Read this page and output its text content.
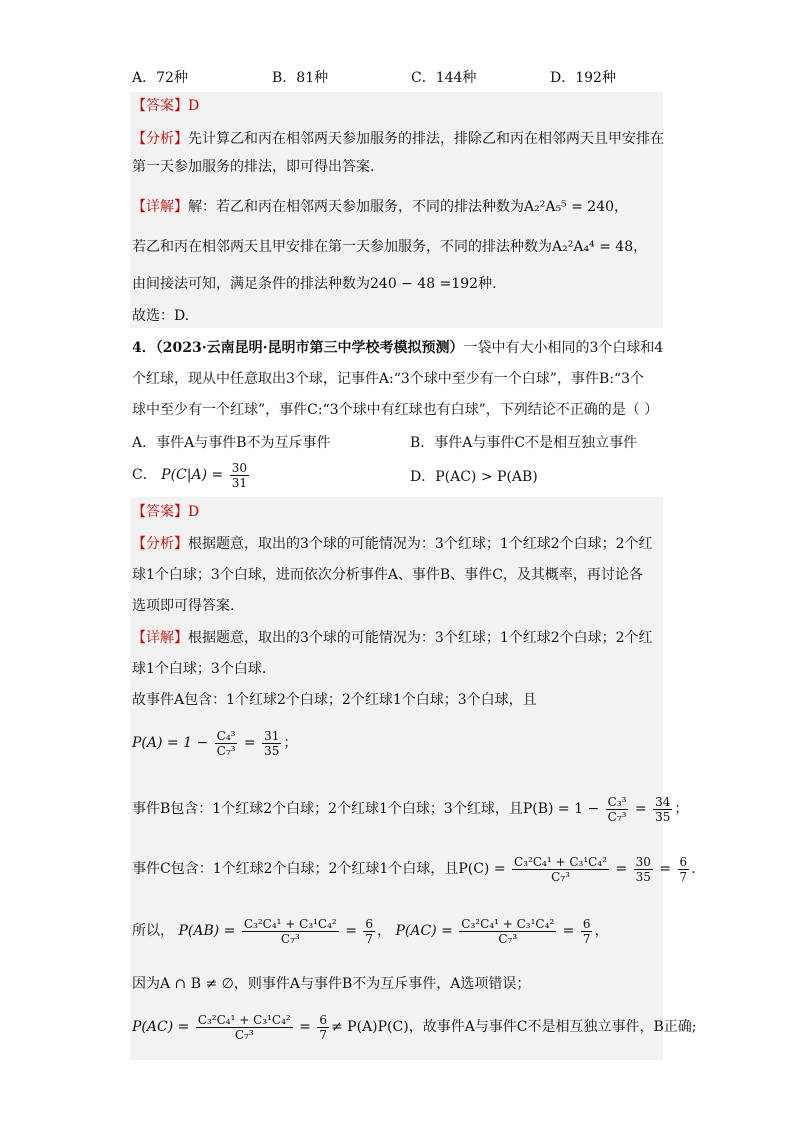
A．72种	B．81种	C．144种	D．192种
【答案】D
【分析】先计算乙和丙在相邻两天参加服务的排法，排除乙和丙在相邻两天且甲安排在
第一天参加服务的排法，即可得出答案.
【详解】解：若乙和丙在相邻两天参加服务，不同的排法种数为A₂²A₅⁵ = 240，
若乙和丙在相邻两天且甲安排在第一天参加服务，不同的排法种数为A₂²A₄⁴ = 48，
由间接法可知，满足条件的排法种数为240 − 48 =192种.
故选：D.
4．（2023·云南昆明·昆明市第三中学校考模拟预测）一袋中有大小相同的3个白球和4
个红球，现从中任意取出3个球，记事件A:“3个球中至少有一个白球”，事件B:“3个
球中至少有一个红球”，事件C:“3个球中有红球也有白球”，下列结论不正确的是（ ）
A．事件A与事件B不为互斥事件	B．事件A与事件C不是相互独立事件
C． $P(C|A) = \frac{30}{31}$	D．P(AC) > P(AB)
【答案】D
【分析】根据题意，取出的3个球的可能情况为：3个红球；1个红球2个白球；2个红
球1个白球；3个白球，进而依次分析事件A、事件B、事件C，及其概率，再讨论各
选项即可得答案.
【详解】根据题意，取出的3个球的可能情况为：3个红球；1个红球2个白球；2个红
球1个白球；3个白球.
故事件A包含：1个红球2个白球；2个红球1个白球；3个白球，且
$P(A) = 1 - \frac{\text{C₄³}}{\text{C₇³}} = \frac{31}{35}$ ；
事件B包含：1个红球2个白球；2个红球1个白球；3个红球，且$P(B) = 1 - \frac{\text{C₃³}}{\text{C₇³}} = \frac{34}{35}$ ；
事件C包含：1个红球2个白球；2个红球1个白球，且$P(C) = \frac{\text{C₃²C₄¹ + C₃¹C₄²}}{\text{C₇³}} = \frac{30}{35} = \frac{6}{7}$ .
所以， $P(AB) = \frac{\text{C₃²C₄¹ + C₃¹C₄²}}{\text{C₇³}} = \frac{6}{7}$ ， $P(AC) = \frac{\text{C₃²C₄¹ + C₃¹C₄²}}{\text{C₇³}} = \frac{6}{7}$ ，
因为A ∩ B ≠ ∅，则事件A与事件B不为互斥事件，A选项错误；
$P(AC) = \frac{\text{C₃²C₄¹ + C₃¹C₄²}}{\text{C₇³}} = \frac{6}{7} \ne P(A)P(C)$，故事件A与事件C不是相互独立事件，B正确;
